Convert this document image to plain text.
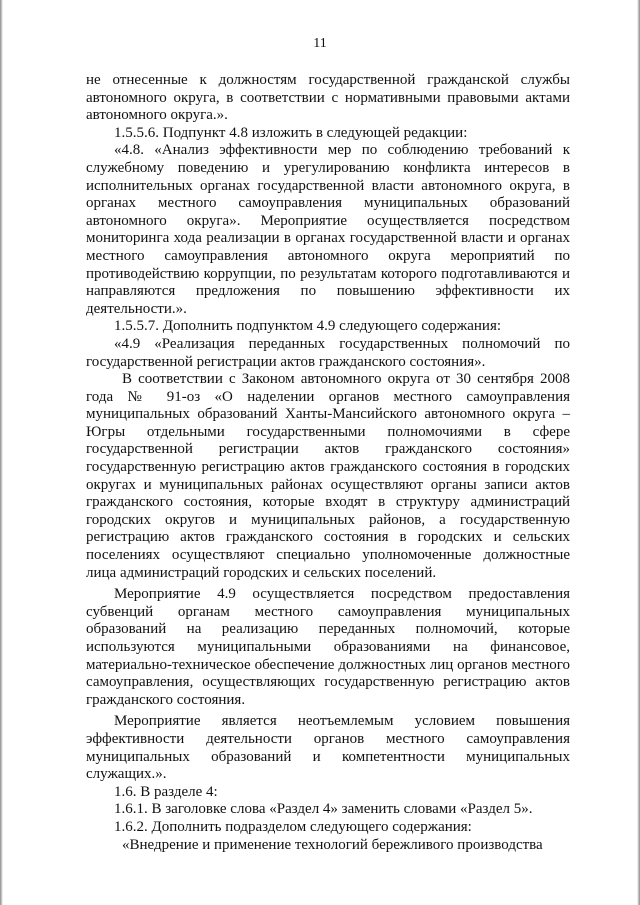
11

не отнесенные к должностям государственной гражданской службы автономного округа, в соответствии с нормативными правовыми актами автономного округа.».

1.5.5.6. Подпункт 4.8 изложить в следующей редакции:

«4.8. «Анализ эффективности мер по соблюдению требований к служебному поведению и урегулированию конфликта интересов в исполнительных органах государственной власти автономного округа, в органах местного самоуправления муниципальных образований автономного округа». Мероприятие осуществляется посредством мониторинга хода реализации в органах государственной власти и органах местного самоуправления автономного округа мероприятий по противодействию коррупции, по результатам которого подготавливаются и направляются предложения по повышению эффективности их деятельности.».

1.5.5.7. Дополнить подпунктом 4.9 следующего содержания:

«4.9 «Реализация переданных государственных полномочий по государственной регистрации актов гражданского состояния».

В соответствии с Законом автономного округа от 30 сентября 2008 года № 91-оз «О наделении органов местного самоуправления муниципальных образований Ханты-Мансийского автономного округа – Югры отдельными государственными полномочиями в сфере государственной регистрации актов гражданского состояния» государственную регистрацию актов гражданского состояния в городских округах и муниципальных районах осуществляют органы записи актов гражданского состояния, которые входят в структуру администраций городских округов и муниципальных районов, а государственную регистрацию актов гражданского состояния в городских и сельских поселениях осуществляют специально уполномоченные должностные лица администраций городских и сельских поселений.

Мероприятие 4.9 осуществляется посредством предоставления субвенций органам местного самоуправления муниципальных образований на реализацию переданных полномочий, которые используются муниципальными образованиями на финансовое, материально-техническое обеспечение должностных лиц органов местного самоуправления, осуществляющих государственную регистрацию актов гражданского состояния.

Мероприятие является неотъемлемым условием повышения эффективности деятельности органов местного самоуправления муниципальных образований и компетентности муниципальных служащих.».

1.6. В разделе 4:

1.6.1. В заголовке слова «Раздел 4» заменить словами «Раздел 5».

1.6.2. Дополнить подразделом следующего содержания:

«Внедрение и применение технологий бережливого производства
